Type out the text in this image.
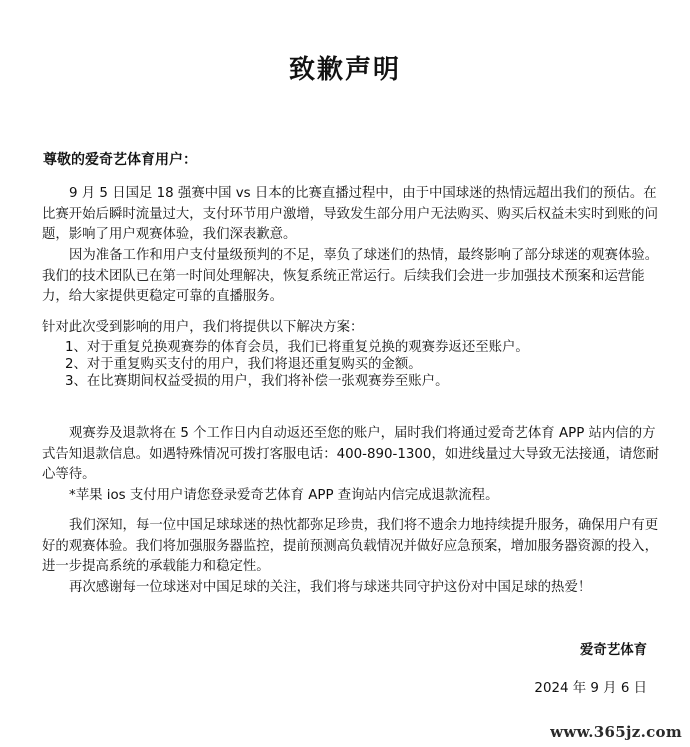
致歉声明
尊敬的爱奇艺体育用户：
9 月 5 日国足 18 强赛中国 vs 日本的比赛直播过程中，由于中国球迷的热情远超出我们的预估。在比赛开始后瞬时流量过大，支付环节用户激增，导致发生部分用户无法购买、购买后权益未实时到账的问题，影响了用户观赛体验，我们深表歉意。
因为准备工作和用户支付量级预判的不足，辜负了球迷们的热情，最终影响了部分球迷的观赛体验。我们的技术团队已在第一时间处理解决，恢复系统正常运行。后续我们会进一步加强技术预案和运营能力，给大家提供更稳定可靠的直播服务。
针对此次受到影响的用户，我们将提供以下解决方案：
1、对于重复兑换观赛券的体育会员，我们已将重复兑换的观赛券返还至账户。
2、对于重复购买支付的用户，我们将退还重复购买的金额。
3、在比赛期间权益受损的用户，我们将补偿一张观赛券至账户。
观赛券及退款将在 5 个工作日内自动返还至您的账户，届时我们将通过爱奇艺体育 APP 站内信的方式告知退款信息。如遇特殊情况可拨打客服电话：400-890-1300，如进线量过大导致无法接通，请您耐心等待。
*苹果 ios 支付用户请您登录爱奇艺体育 APP 查询站内信完成退款流程。
我们深知，每一位中国足球球迷的热忱都弥足珍贵，我们将不遗余力地持续提升服务，确保用户有更好的观赛体验。我们将加强服务器监控，提前预测高负载情况并做好应急预案，增加服务器资源的投入，进一步提高系统的承载能力和稳定性。
再次感谢每一位球迷对中国足球的关注，我们将与球迷共同守护这份对中国足球的热爱！
爱奇艺体育
2024 年 9 月 6 日
www.365jz.com
